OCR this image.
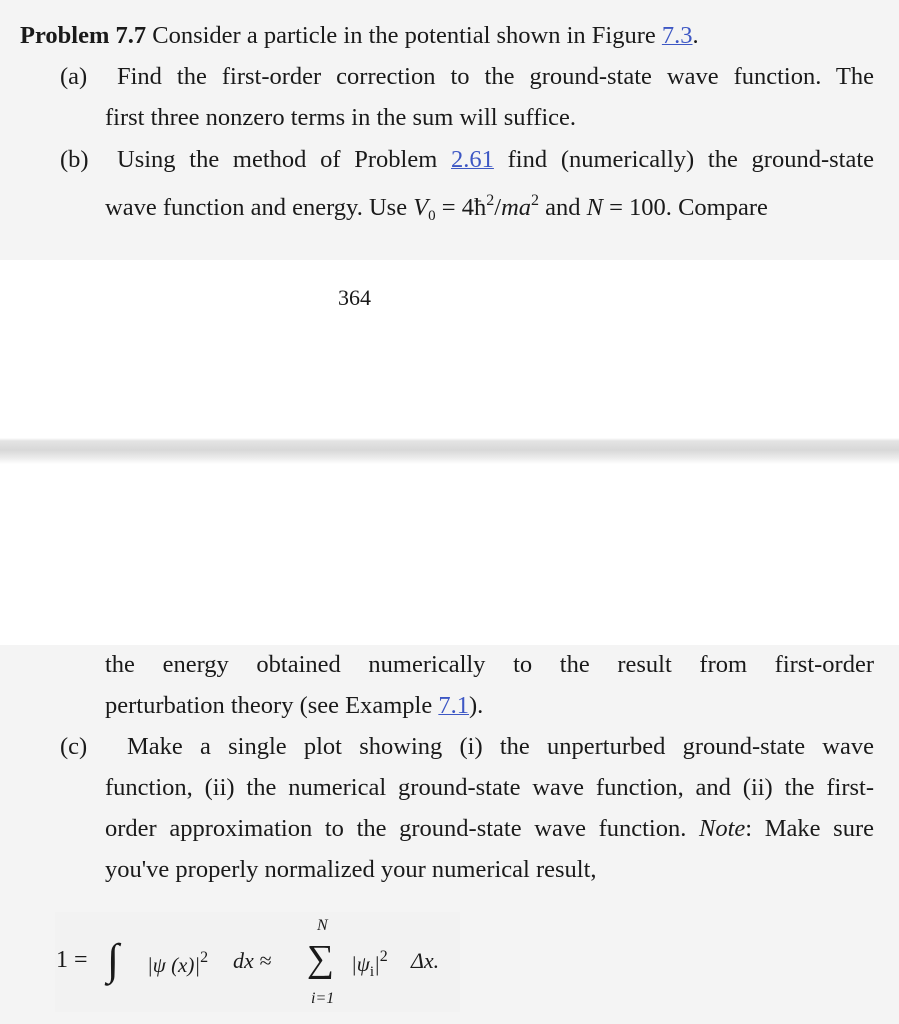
364
Problem 7.7 Consider a particle in the potential shown in Figure 7.3.
(a) Find the first-order correction to the ground-state wave function. The
first three nonzero terms in the sum will suffice.
(b) Using the method of Problem 2.61 find (numerically) the ground-state
wave function and energy. Use $V_0$ = $4ħ^2/ma^2$ and N = 100. Compare
the energy obtained numerically to the result from first-order
perturbation theory (see Example 7.1).
(c) Make a single plot showing (i) the unperturbed ground-state wave
function, (ii) the numerical ground-state wave function, and (ii) the first-
order approximation to the ground-state wave function. Note: Make sure
you've properly normalized your numerical result,
1 = ∫ |ψ $(x)|^2$ dx ≈ ∑
N
i=1
$|\psi_i|^2$ Δx.
